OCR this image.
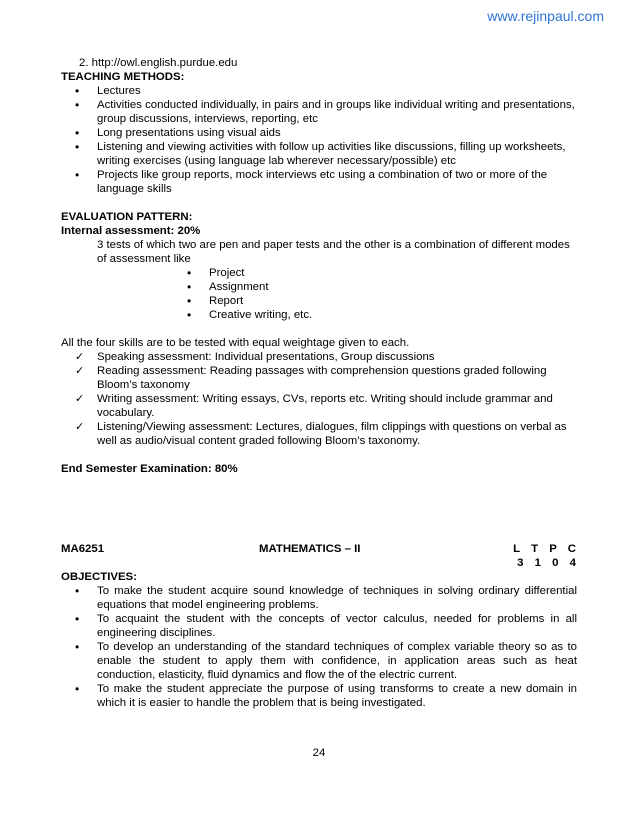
www.rejinpaul.com
2. http://owl.english.purdue.edu
TEACHING METHODS:
• Lectures
• Activities conducted individually, in pairs and in groups like individual writing and presentations, group discussions, interviews, reporting, etc
• Long presentations using visual aids
• Listening and viewing activities with follow up activities like discussions, filling up worksheets, writing exercises (using language lab wherever necessary/possible) etc
• Projects like group reports, mock interviews etc using a combination of two or more of the language skills
EVALUATION PATTERN:
Internal assessment: 20%
3 tests of which two are pen and paper tests and the other is a combination of different modes of assessment like
• Project
• Assignment
• Report
• Creative writing, etc.
All the four skills are to be tested with equal weightage given to each.
✓ Speaking assessment: Individual presentations, Group discussions
✓ Reading assessment: Reading passages with comprehension questions graded following Bloom’s taxonomy
✓ Writing assessment: Writing essays, CVs, reports etc. Writing should include grammar and vocabulary.
✓ Listening/Viewing assessment: Lectures, dialogues, film clippings with questions on verbal as well as audio/visual content graded following Bloom’s taxonomy.
End Semester Examination: 80%
MA6251	MATHEMATICS – II	L T P C
3 1 0 4
OBJECTIVES:
• To make the student acquire sound knowledge of techniques in solving ordinary differential equations that model engineering problems.
• To acquaint the student with the concepts of vector calculus, needed for problems in all engineering disciplines.
• To develop an understanding of the standard techniques of complex variable theory so as to enable the student to apply them with confidence, in application areas such as heat conduction, elasticity, fluid dynamics and flow the of the electric current.
• To make the student appreciate the purpose of using transforms to create a new domain in which it is easier to handle the problem that is being investigated.
24
